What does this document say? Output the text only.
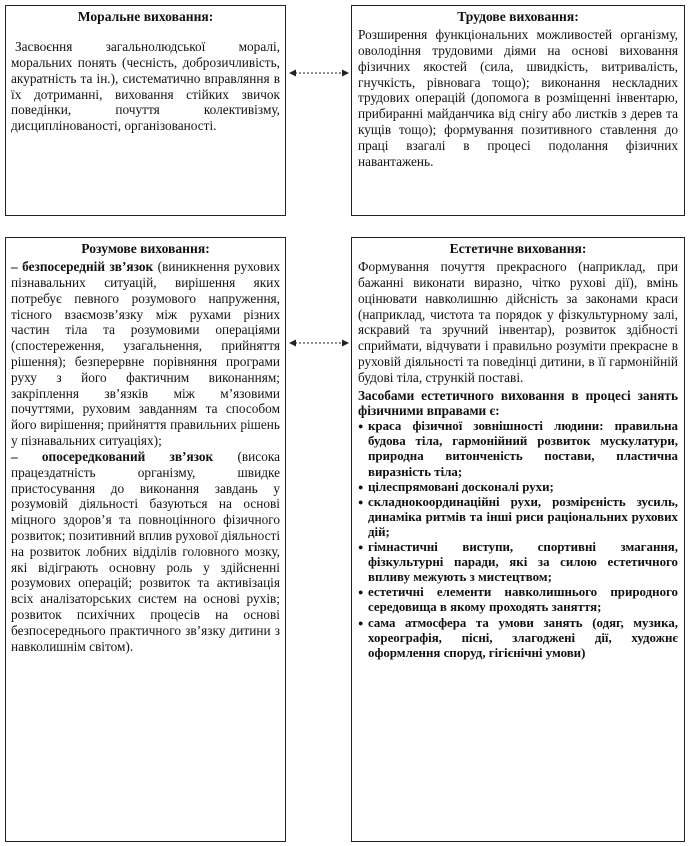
Моральне виховання:

Засвоєння загальнолюдської моралі, моральних понять (чесність, доброзичливість, акуратність та ін.), систематично вправляння в їх дотриманні, виховання стійких звичок поведінки, почуття колективізму, дисциплінованості, організованості.

Трудове виховання:

Розширення функціональних можливостей організму, оволодіння трудовими діями на основі виховання фізичних якостей (сила, швидкість, витривалість, гнучкість, рівновага тощо); виконання нескладних трудових операцій (допомога в розміщенні інвентарю, прибиранні майданчика від снігу або листків з дерев та кущів тощо); формування позитивного ставлення до праці взагалі в процесі подолання фізичних навантажень.

Розумове виховання:

– безпосередній зв’язок (виникнення рухових пізнавальних ситуацій, вирішення яких потребує певного розумового напруження, тісного взаємозв’язку між рухами різних частин тіла та розумовими операціями (спостереження, узагальнення, прийняття рішення); безперервне порівняння програми руху з його фактичним виконанням; закріплення зв’язків між м’язовими почуттями, руховим завданням та способом його вирішення; прийняття правильних рішень у пізнавальних ситуаціях);

– опосередкований зв’язок (висока працездатність організму, швидке пристосування до виконання завдань у розумовій діяльності базуються на основі міцного здоров’я та повноцінного фізичного розвиток; позитивний вплив рухової діяльності на розвиток лобних відділів головного мозку, які відіграють основну роль у здійсненні розумових операцій; розвиток та активізація всіх аналізаторських систем на основі рухів; розвиток психічних процесів на основі безпосереднього практичного зв’язку дитини з навколишнім світом).

Естетичне виховання:

Формування почуття прекрасного (наприклад, при бажанні виконати виразно, чітко рухові дії), вмінь оцінювати навколишню дійсність за законами краси (наприклад, чистота та порядок у фізкультурному залі, яскравий та зручний інвентар), розвиток здібності сприймати, відчувати і правильно розуміти прекрасне в руховій діяльності та поведінці дитини, в її гармонійній будові тіла, стрункій поставі.

Засобами естетичного виховання в процесі занять фізичними вправами є:

● краса фізичної зовнішності людини: правильна будова тіла, гармонійний розвиток мускулатури, природна витонченість постави, пластична виразність тіла;
● цілеспрямовані досконалі рухи;
● складнокоординаційні рухи, розмірєність зусиль, динаміка ритмів та інші риси раціональних рухових дій;
● гімнастичні виступи, спортивні змагання, фізкультурні паради, які за силою естетичного впливу межують з мистецтвом;
● естетичні елементи навколишнього природного середовища в якому проходять заняття;
● сама атмосфера та умови занять (одяг, музика, хореографія, пісні, злагоджені дії, художнє оформлення споруд, гігієнічні умови)
